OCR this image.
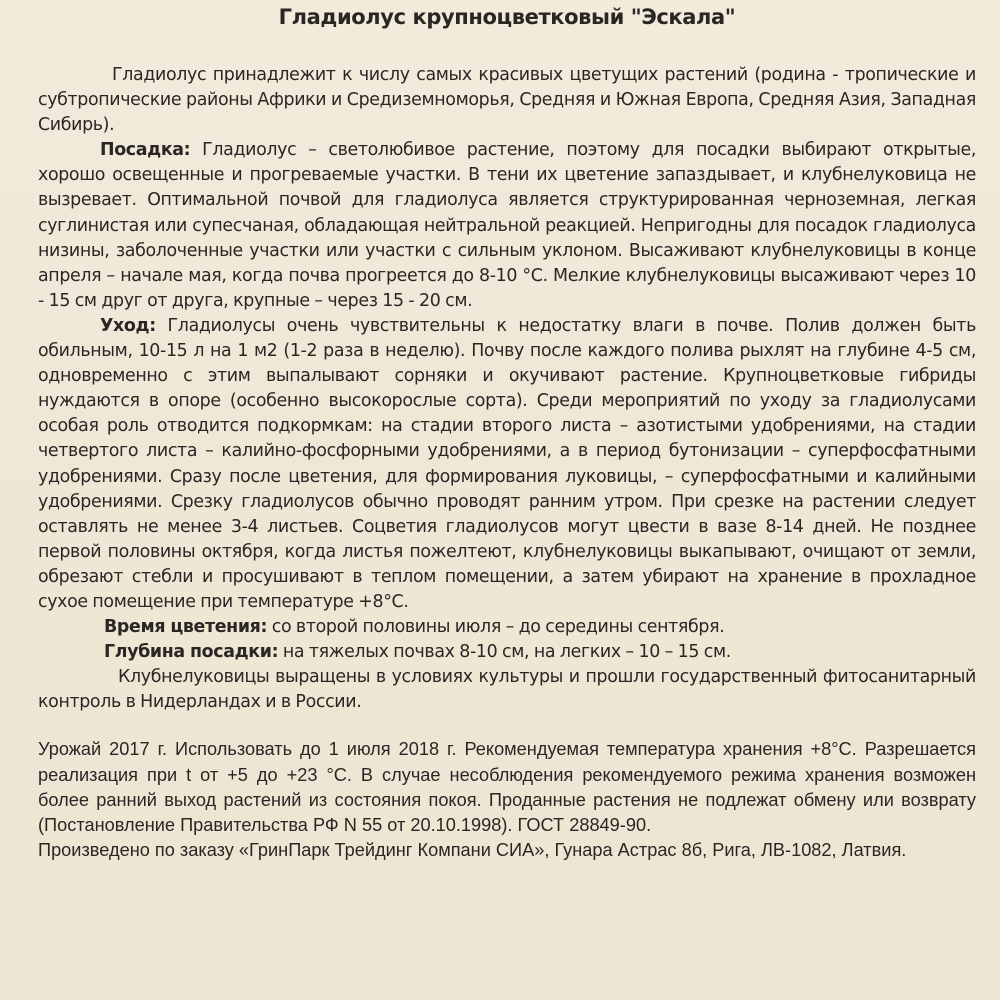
Гладиолус крупноцветковый "Эскала"

Гладиолус принадлежит к числу самых красивых цветущих растений (родина - тропические и субтропические районы Африки и Средиземноморья, Средняя и Южная Европа, Средняя Азия, Западная Сибирь).

Посадка: Гладиолус – светолюбивое растение, поэтому для посадки выбирают открытые, хорошо освещенные и прогреваемые участки. В тени их цветение запаздывает, и клубнелуковица не вызревает. Оптимальной почвой для гладиолуса является структурированная черноземная, легкая суглинистая или супесчаная, обладающая нейтральной реакцией. Непригодны для посадок гладиолуса низины, заболоченные участки или участки с сильным уклоном. Высаживают клубнелуковицы в конце апреля – начале мая, когда почва прогреется до 8-10 °С. Мелкие клубнелуковицы высаживают через 10 - 15 см друг от друга, крупные – через 15 - 20 см.

Уход: Гладиолусы очень чувствительны к недостатку влаги в почве. Полив должен быть обильным, 10-15 л на 1 м2 (1-2 раза в неделю). Почву после каждого полива рыхлят на глубине 4-5 см, одновременно с этим выпалывают сорняки и окучивают растение. Крупноцветковые гибриды нуждаются в опоре (особенно высокорослые сорта). Среди мероприятий по уходу за гладиолусами особая роль отводится подкормкам: на стадии второго листа – азотистыми удобрениями, на стадии четвертого листа – калийно-фосфорными удобрениями, а в период бутонизации – суперфосфатными удобрениями. Сразу после цветения, для формирования луковицы, – суперфосфатными и калийными удобрениями. Срезку гладиолусов обычно проводят ранним утром. При срезке на растении следует оставлять не менее 3-4 листьев. Соцветия гладиолусов могут цвести в вазе 8-14 дней. Не позднее первой половины октября, когда листья пожелтеют, клубнелуковицы выкапывают, очищают от земли, обрезают стебли и просушивают в теплом помещении, а затем убирают на хранение в прохладное сухое помещение при температуре +8°С.

Время цветения: со второй половины июля – до середины сентября.

Глубина посадки: на тяжелых почвах 8-10 см, на легких – 10 – 15 см.

Клубнелуковицы выращены в условиях культуры и прошли государственный фитосанитарный контроль в Нидерландах и в России.

Урожай 2017 г. Использовать до 1 июля 2018 г. Рекомендуемая температура хранения +8°С. Разрешается реализация при t от +5 до +23 °С. В случае несоблюдения рекомендуемого режима хранения возможен более ранний выход растений из состояния покоя. Проданные растения не подлежат обмену или возврату (Постановление Правительства РФ N 55 от 20.10.1998). ГОСТ 28849-90.

Произведено по заказу «ГринПарк Трейдинг Компани СИА», Гунара Астрас 8б, Рига, ЛВ-1082, Латвия.
